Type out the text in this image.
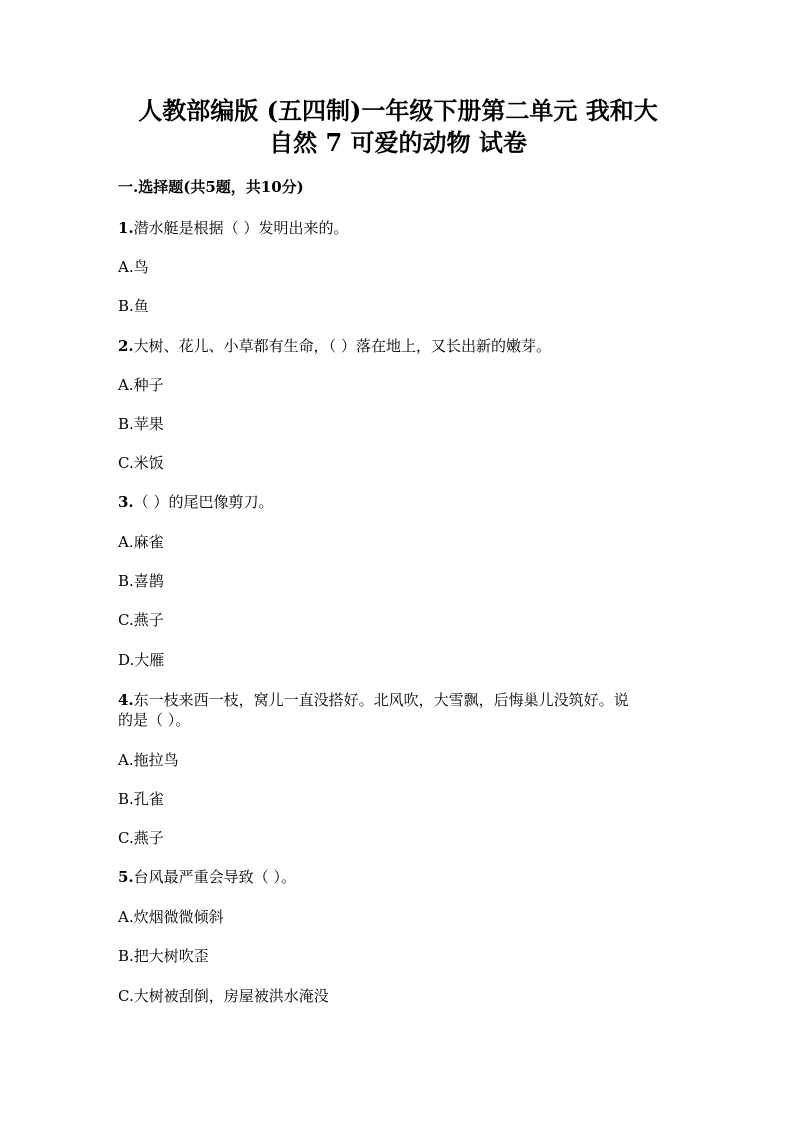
人教部编版 (五四制)一年级下册第二单元 我和大
自然 7 可爱的动物 试卷
一.选择题(共5题，共10分)
1.潜水艇是根据（ ）发明出来的。
A.鸟
B.鱼
2.大树、花儿、小草都有生命，（ ）落在地上，又长出新的嫩芽。
A.种子
B.苹果
C.米饭
3.（ ）的尾巴像剪刀。
A.麻雀
B.喜鹊
C.燕子
D.大雁
4.东一枝来西一枝，窝儿一直没搭好。北风吹，大雪飘，后悔巢儿没筑好。说
的是（ ）。
A.拖拉鸟
B.孔雀
C.燕子
5.台风最严重会导致（ ）。
A.炊烟微微倾斜
B.把大树吹歪
C.大树被刮倒，房屋被洪水淹没
